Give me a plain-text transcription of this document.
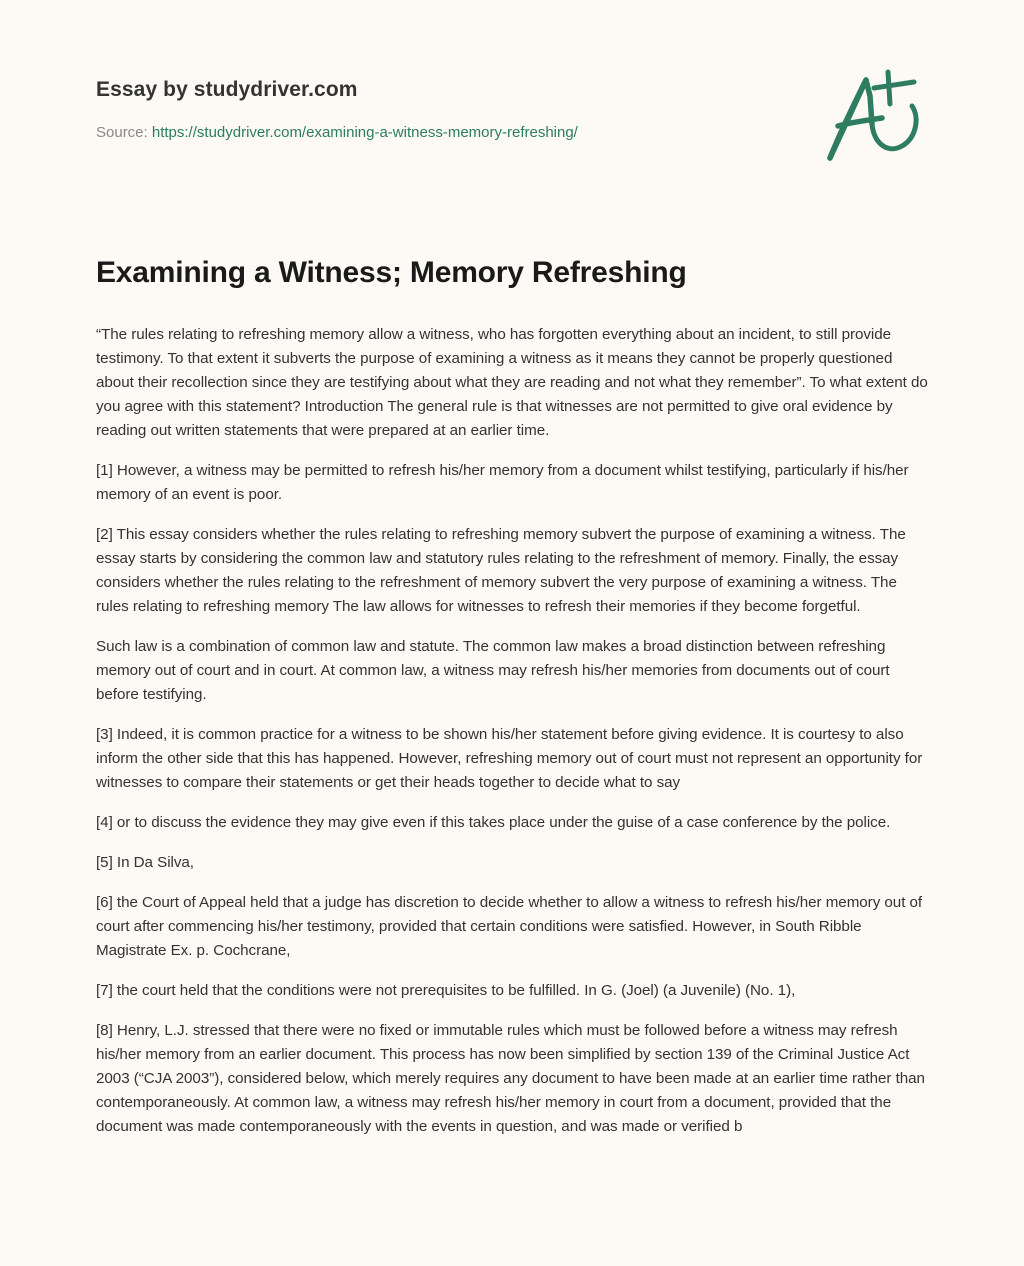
Essay by studydriver.com
Source: https://studydriver.com/examining-a-witness-memory-refreshing/
Examining a Witness; Memory Refreshing

“The rules relating to refreshing memory allow a witness, who has forgotten everything about an incident, to still provide testimony. To that extent it subverts the purpose of examining a witness as it means they cannot be properly questioned about their recollection since they are testifying about what they are reading and not what they remember”. To what extent do you agree with this statement? Introduction The general rule is that witnesses are not permitted to give oral evidence by reading out written statements that were prepared at an earlier time.

[1] However, a witness may be permitted to refresh his/her memory from a document whilst testifying, particularly if his/her memory of an event is poor.

[2] This essay considers whether the rules relating to refreshing memory subvert the purpose of examining a witness. The essay starts by considering the common law and statutory rules relating to the refreshment of memory. Finally, the essay considers whether the rules relating to the refreshment of memory subvert the very purpose of examining a witness. The rules relating to refreshing memory The law allows for witnesses to refresh their memories if they become forgetful.

Such law is a combination of common law and statute. The common law makes a broad distinction between refreshing memory out of court and in court. At common law, a witness may refresh his/her memories from documents out of court before testifying.

[3] Indeed, it is common practice for a witness to be shown his/her statement before giving evidence. It is courtesy to also inform the other side that this has happened. However, refreshing memory out of court must not represent an opportunity for witnesses to compare their statements or get their heads together to decide what to say

[4] or to discuss the evidence they may give even if this takes place under the guise of a case conference by the police.

[5] In Da Silva,

[6] the Court of Appeal held that a judge has discretion to decide whether to allow a witness to refresh his/her memory out of court after commencing his/her testimony, provided that certain conditions were satisfied. However, in South Ribble Magistrate Ex. p. Cochcrane,

[7] the court held that the conditions were not prerequisites to be fulfilled. In G. (Joel) (a Juvenile) (No. 1),

[8] Henry, L.J. stressed that there were no fixed or immutable rules which must be followed before a witness may refresh his/her memory from an earlier document. This process has now been simplified by section 139 of the Criminal Justice Act 2003 (“CJA 2003”), considered below, which merely requires any document to have been made at an earlier time rather than contemporaneously. At common law, a witness may refresh his/her memory in court from a document, provided that the document was made contemporaneously with the events in question, and was made or verified b
